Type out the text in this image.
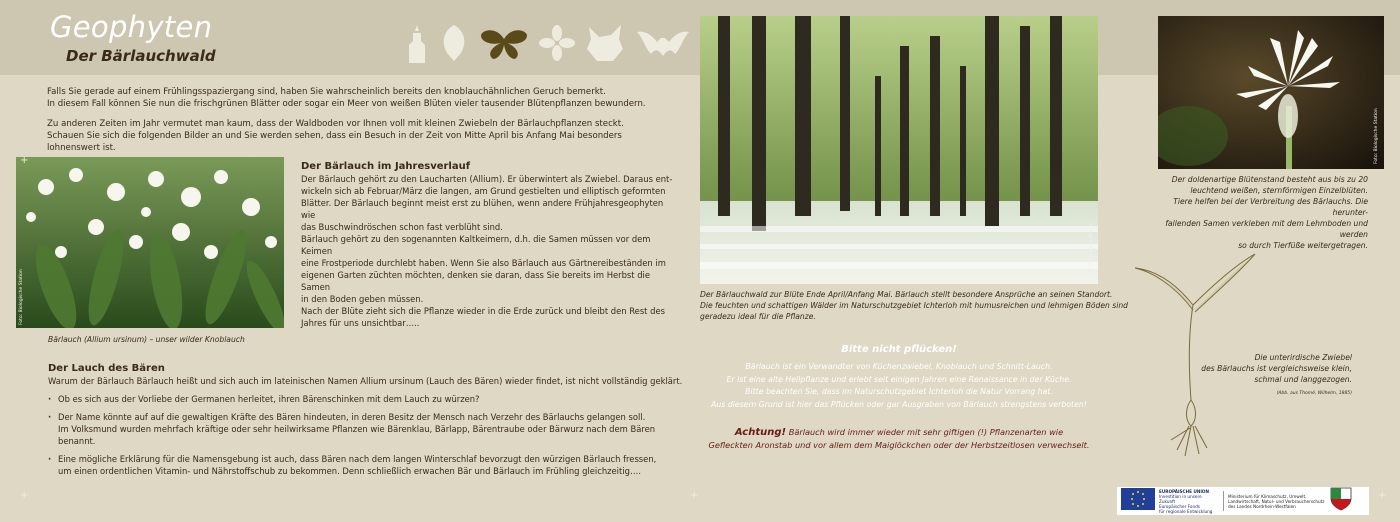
Geophyten
Der Bärlauchwald

Falls Sie gerade auf einem Frühlingsspaziergang sind, haben Sie wahrscheinlich bereits den knoblauchähnlichen Geruch bemerkt.
In diesem Fall können Sie nun die frischgrünen Blätter oder sogar ein Meer von weißen Blüten vieler tausender Blütenpflanzen bewundern.

Zu anderen Zeiten im Jahr vermutet man kaum, dass der Waldboden vor Ihnen voll mit kleinen Zwiebeln der Bärlauchpflanzen steckt.
Schauen Sie sich die folgenden Bilder an und Sie werden sehen, dass ein Besuch in der Zeit von Mitte April bis Anfang Mai besonders lohnenswert ist.

Foto: Biologische Station
Bärlauch (Allium ursinum) – unser wilder Knoblauch
Der Bärlauch im Jahresverlauf
Der Bärlauch gehört zu den Laucharten (Allium). Er überwintert als Zwiebel. Daraus ent-
wickeln sich ab Februar/März die langen, am Grund gestielten und elliptisch geformten
Blätter. Der Bärlauch beginnt meist erst zu blühen, wenn andere Frühjahresgeophyten wie
das Buschwindröschen schon fast verblüht sind.
Bärlauch gehört zu den sogenannten Kaltkeimern, d.h. die Samen müssen vor dem Keimen
eine Frostperiode durchlebt haben. Wenn Sie also Bärlauch aus Gärtnereibeständen im
eigenen Garten züchten möchten, denken sie daran, dass Sie bereits im Herbst die Samen
in den Boden geben müssen.
Nach der Blüte zieht sich die Pflanze wieder in die Erde zurück und bleibt den Rest des
Jahres für uns unsichtbar…..
Der Lauch des Bären
Warum der Bärlauch Bärlauch heißt und sich auch im lateinischen Namen Allium ursinum (Lauch des Bären) wieder findet, ist nicht vollständig geklärt.
· Ob es sich aus der Vorliebe der Germanen herleitet, ihren Bärenschinken mit dem Lauch zu würzen?
· Der Name könnte auf auf die gewaltigen Kräfte des Bären hindeuten, in deren Besitz der Mensch nach Verzehr des Bärlauchs gelangen soll.
Im Volksmund wurden mehrfach kräftige oder sehr heilwirksame Pflanzen wie Bärenklau, Bärlapp, Bärentraube oder Bärwurz nach dem Bären benannt.
· Eine mögliche Erklärung für die Namensgebung ist auch, dass Bären nach dem langen Winterschlaf bevorzugt den würzigen Bärlauch fressen,
um einen ordentlichen Vitamin- und Nährstoffschub zu bekommen. Denn schließlich erwachen Bär und Bärlauch im Frühling gleichzeitig….
Foto: Biologische Station
Der Bärlauchwald zur Blüte Ende April/Anfang Mai. Bärlauch stellt besondere Ansprüche an seinen Standort.
Die feuchten und schattigen Wälder im Naturschutzgebiet Ichterloh mit humusreichen und lehmigen Böden sind
geradezu ideal für die Pflanze.
Bitte nicht pflücken!
Bärlauch ist ein Verwandter von Küchenzwiebel, Knoblauch und Schnitt-Lauch.
Er ist eine alte Heilpflanze und erlebt seit einigen Jahren eine Renaissance in der Küche.
Bitte beachten Sie, dass im Naturschutzgebiet Ichterloh die Natur Vorrang hat.
Aus diesem Grund ist hier das Pflücken oder gar Ausgraben von Bärlauch strengstens verboten!
Achtung! Bärlauch wird immer wieder mit sehr giftigen (!) Pflanzenarten wie
Gefleckten Aronstab und vor allem dem Maiglöckchen oder der Herbstzeitlosen verwechselt.
Foto: Biologische Station
Der doldenartige Blütenstand besteht aus bis zu 20
leuchtend weißen, sternförmigen Einzelblüten.
Tiere helfen bei der Verbreitung des Bärlauchs. Die herunter-
fallenden Samen verkleben mit dem Lehmboden und werden
so durch Tierfüße weitergetragen.
Die unterirdische Zwiebel
des Bärlauchs ist vergleichsweise klein,
schmal und langgezogen.
(Abb. aus Thomé, Wilhelm, 1885)
EUROPÄISCHE UNION
Investition in unsere Zukunft
Europäischer Fonds
für regionale Entwicklung
Ministerium für Klimaschutz, Umwelt,
Landwirtschaft, Natur- und Verbraucherschutz
des Landes Nordrhein-Westfalen
+
+
+	+
